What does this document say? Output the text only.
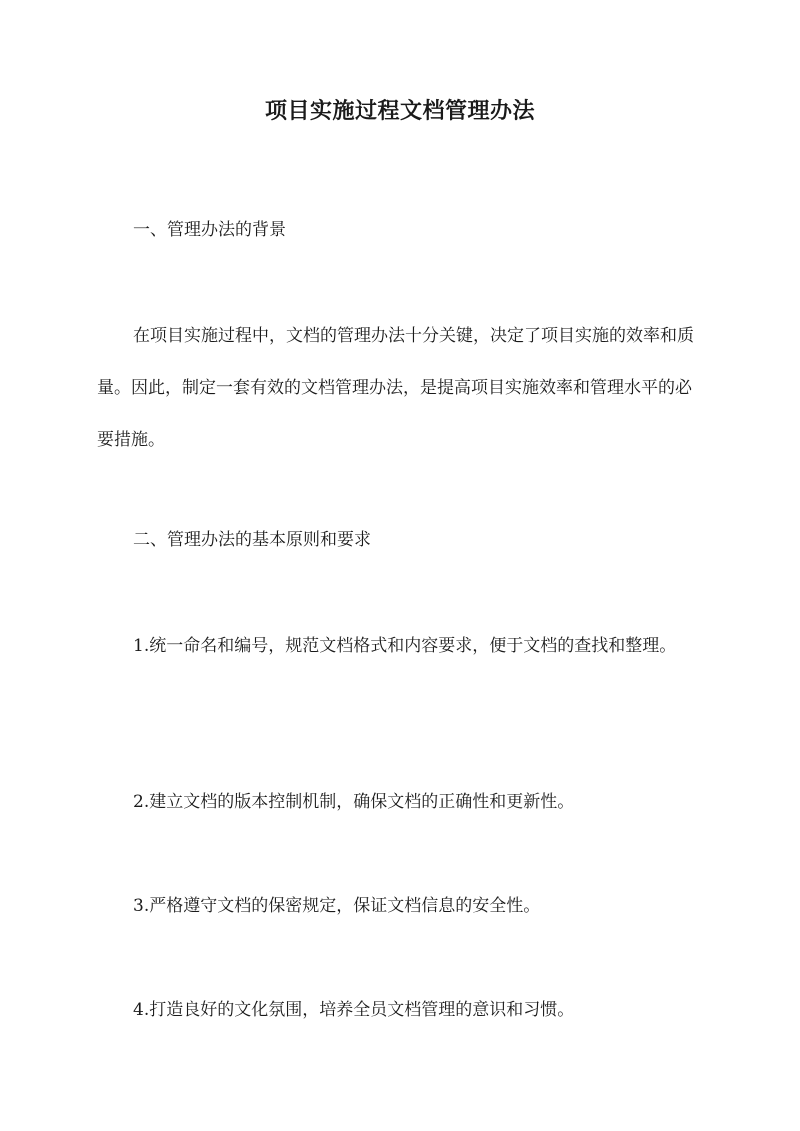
项目实施过程文档管理办法

一、管理办法的背景

在项目实施过程中，文档的管理办法十分关键，决定了项目实施的效率和质量。因此，制定一套有效的文档管理办法，是提高项目实施效率和管理水平的必要措施。

二、管理办法的基本原则和要求

1.统一命名和编号，规范文档格式和内容要求，便于文档的查找和整理。

2.建立文档的版本控制机制，确保文档的正确性和更新性。

3.严格遵守文档的保密规定，保证文档信息的安全性。

4.打造良好的文化氛围，培养全员文档管理的意识和习惯。
